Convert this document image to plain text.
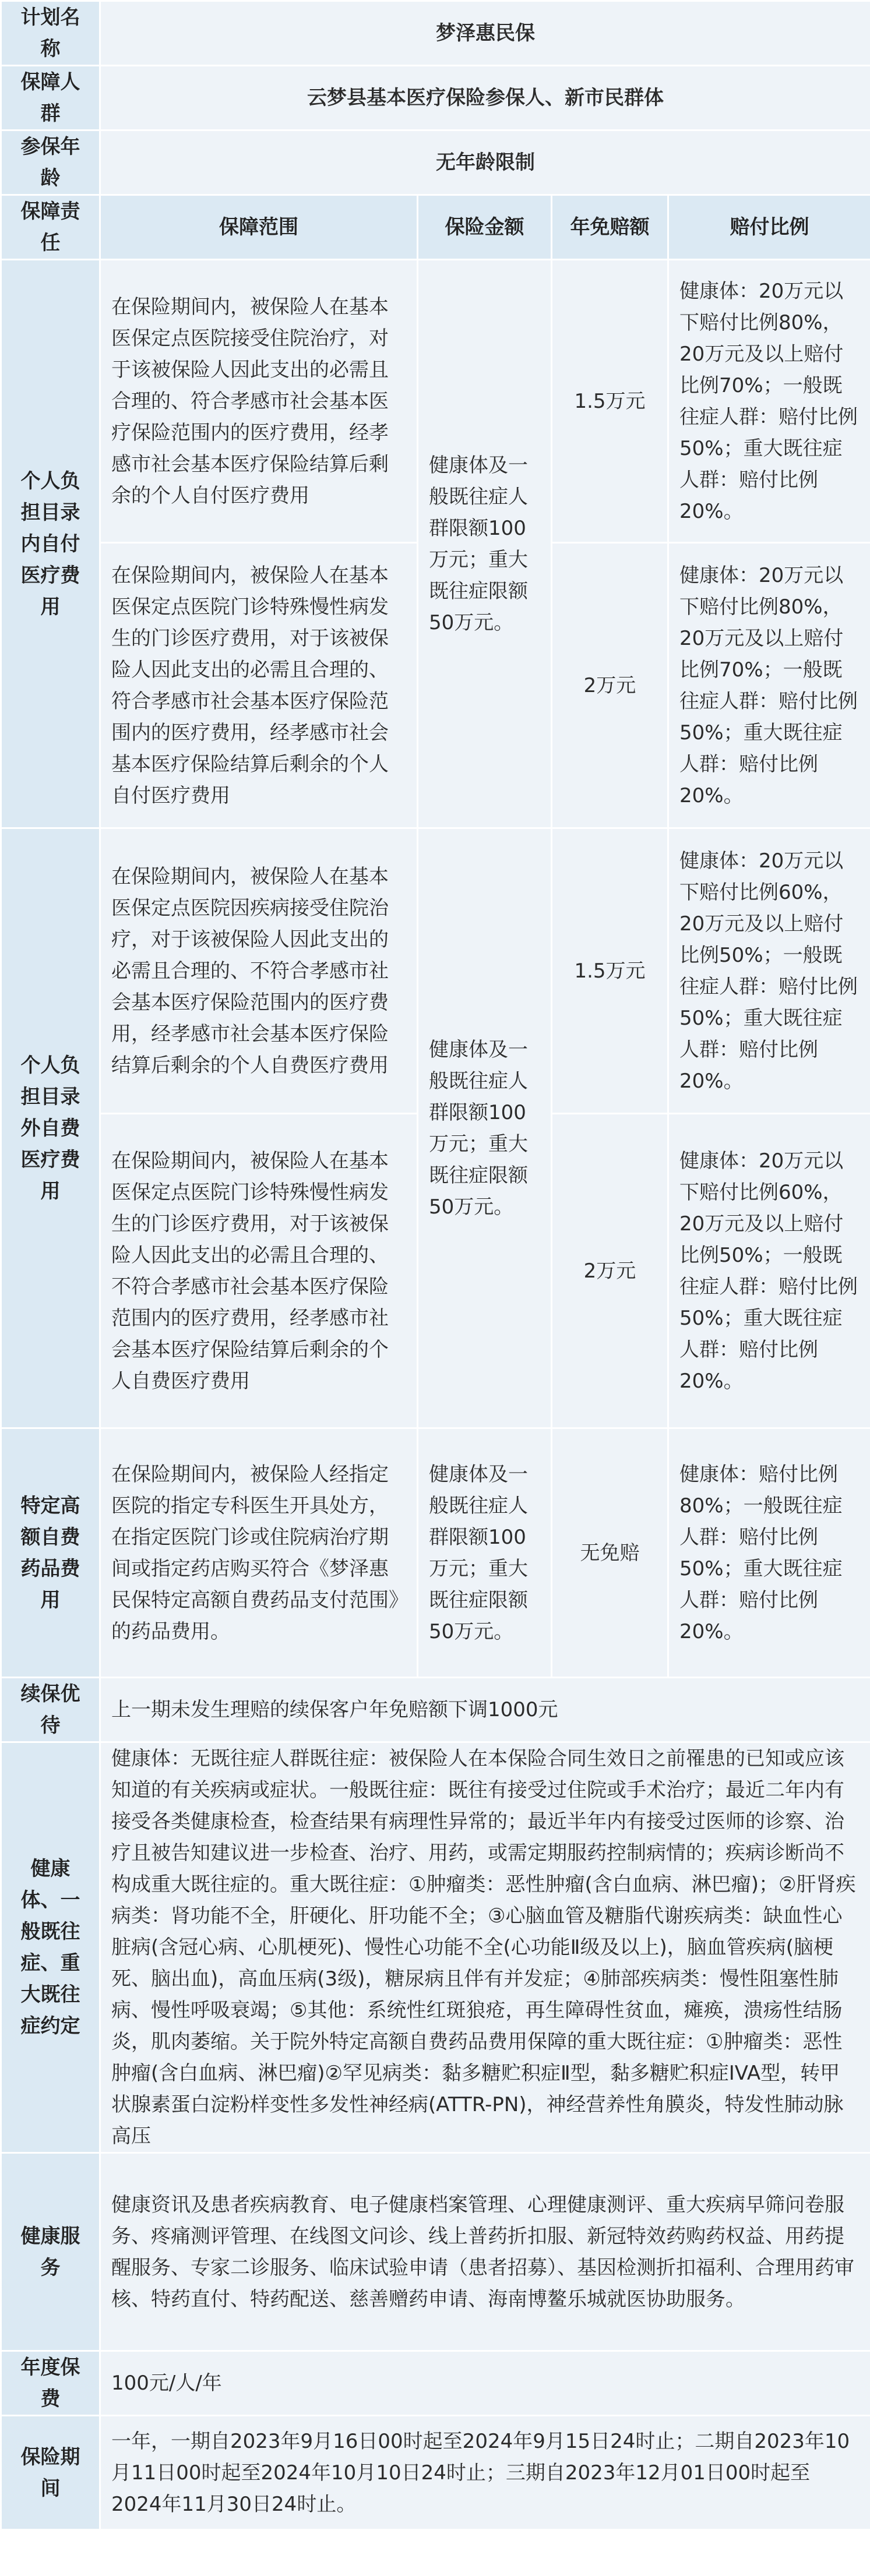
计划名称	梦泽惠民保			
保障人群	云梦县基本医疗保险参保人、新市民群体			
参保年龄	无年龄限制			
保障责任	保障范围	保险金额	年免赔额	赔付比例
个人负担目录内自付医疗费用	在保险期间内，被保险人在基本医保定点医院接受住院治疗，对于该被保险人因此支出的必需且合理的、符合孝感市社会基本医疗保险范围内的医疗费用，经孝感市社会基本医疗保险结算后剩余的个人自付医疗费用	健康体及一般既往症人群限额100万元；重大既往症限额50万元。	1.5万元	健康体：20万元以下赔付比例80%，20万元及以上赔付比例70%；一般既往症人群：赔付比例50%；重大既往症人群：赔付比例20%。
	在保险期间内，被保险人在基本医保定点医院门诊特殊慢性病发生的门诊医疗费用，对于该被保险人因此支出的必需且合理的、符合孝感市社会基本医疗保险范围内的医疗费用，经孝感市社会基本医疗保险结算后剩余的个人自付医疗费用		2万元	健康体：20万元以下赔付比例80%，20万元及以上赔付比例70%；一般既往症人群：赔付比例50%；重大既往症人群：赔付比例20%。
个人负担目录外自费医疗费用	在保险期间内，被保险人在基本医保定点医院因疾病接受住院治疗，对于该被保险人因此支出的必需且合理的、不符合孝感市社会基本医疗保险范围内的医疗费用，经孝感市社会基本医疗保险结算后剩余的个人自费医疗费用	健康体及一般既往症人群限额100万元；重大既往症限额50万元。	1.5万元	健康体：20万元以下赔付比例60%，20万元及以上赔付比例50%；一般既往症人群：赔付比例50%；重大既往症人群：赔付比例20%。
	在保险期间内，被保险人在基本医保定点医院门诊特殊慢性病发生的门诊医疗费用，对于该被保险人因此支出的必需且合理的、不符合孝感市社会基本医疗保险范围内的医疗费用，经孝感市社会基本医疗保险结算后剩余的个人自费医疗费用		2万元	健康体：20万元以下赔付比例60%，20万元及以上赔付比例50%；一般既往症人群：赔付比例50%；重大既往症人群：赔付比例20%。
特定高额自费药品费用	在保险期间内，被保险人经指定医院的指定专科医生开具处方，在指定医院门诊或住院病治疗期间或指定药店购买符合《梦泽惠民保特定高额自费药品支付范围》的药品费用。	健康体及一般既往症人群限额100万元；重大既往症限额50万元。	无免赔	健康体：赔付比例80%；一般既往症人群：赔付比例50%；重大既往症人群：赔付比例20%。
续保优待	上一期未发生理赔的续保客户年免赔额下调1000元			
健康体、一般既往症、重大既往症约定	健康体：无既往症人群既往症：被保险人在本保险合同生效日之前罹患的已知或应该知道的有关疾病或症状。一般既往症：既往有接受过住院或手术治疗；最近二年内有接受各类健康检查，检查结果有病理性异常的；最近半年内有接受过医师的诊察、治疗且被告知建议进一步检查、治疗、用药，或需定期服药控制病情的；疾病诊断尚不构成重大既往症的。重大既往症：①肿瘤类：恶性肿瘤(含白血病、淋巴瘤)；②肝肾疾病类：肾功能不全，肝硬化、肝功能不全；③心脑血管及糖脂代谢疾病类：缺血性心脏病(含冠心病、心肌梗死)、慢性心功能不全(心功能Ⅱ级及以上)，脑血管疾病(脑梗死、脑出血)，高血压病(3级)，糖尿病且伴有并发症；④肺部疾病类：慢性阻塞性肺病、慢性呼吸衰竭；⑤其他：系统性红斑狼疮，再生障碍性贫血，瘫痪，溃疡性结肠炎，肌肉萎缩。关于院外特定高额自费药品费用保障的重大既往症：①肿瘤类：恶性肿瘤(含白血病、淋巴瘤)②罕见病类：黏多糖贮积症Ⅱ型，黏多糖贮积症IVA型，转甲状腺素蛋白淀粉样变性多发性神经病(ATTR-PN)，神经营养性角膜炎，特发性肺动脉高压			
健康服务	健康资讯及患者疾病教育、电子健康档案管理、心理健康测评、重大疾病早筛问卷服务、疼痛测评管理、在线图文问诊、线上普药折扣服、新冠特效药购药权益、用药提醒服务、专家二诊服务、临床试验申请（患者招募）、基因检测折扣福利、合理用药审核、特药直付、特药配送、慈善赠药申请、海南博鳌乐城就医协助服务。			
年度保费	100元/人/年			
保险期间	一年，一期自2023年9月16日00时起至2024年9月15日24时止；二期自2023年10月11日00时起至2024年10月10日24时止；三期自2023年12月01日00时起至2024年11月30日24时止。			
